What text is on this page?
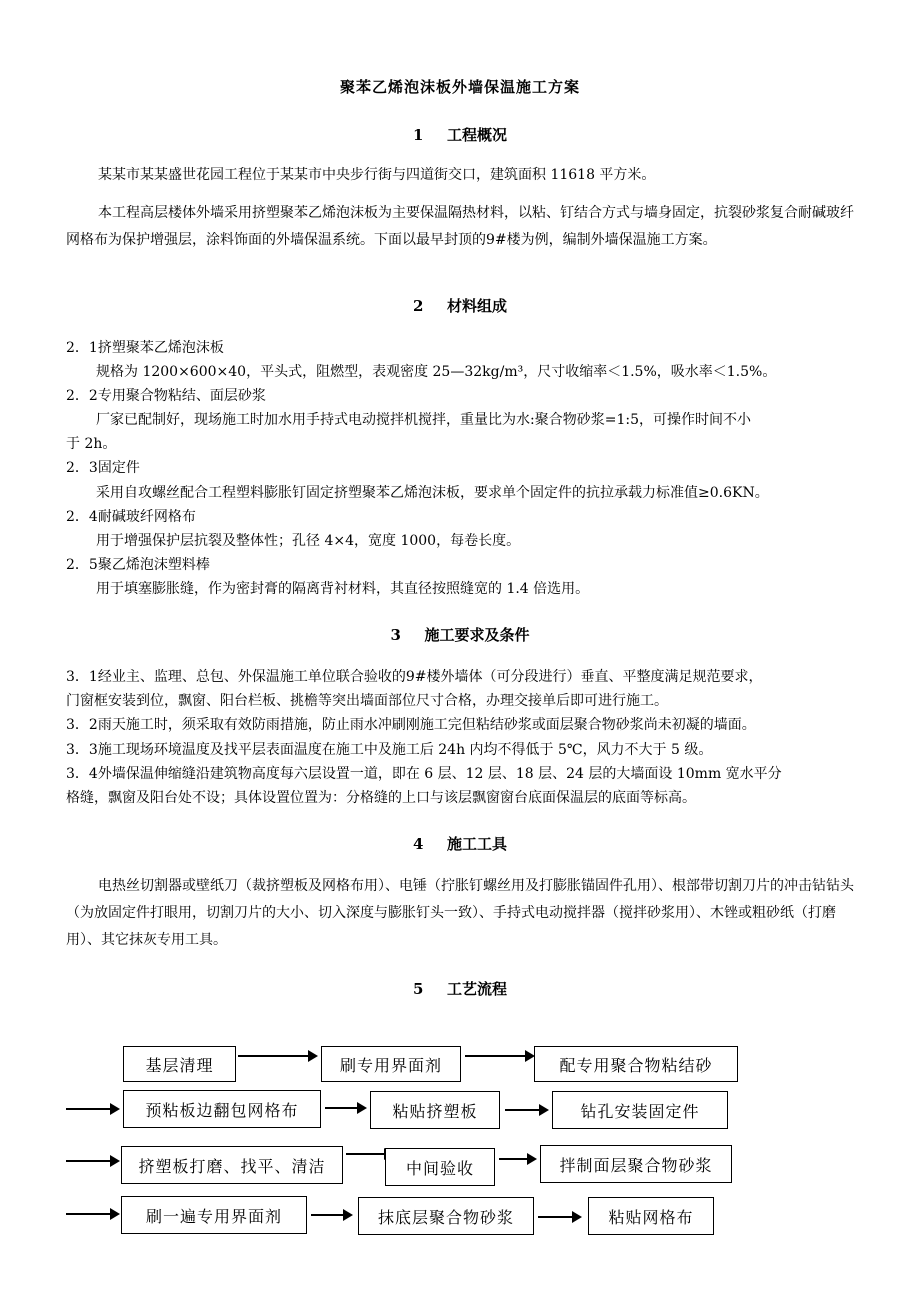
聚苯乙烯泡沫板外墙保温施工方案
1 工程概况
某某市某某盛世花园工程位于某某市中央步行街与四道街交口，建筑面积 11618 平方米。
本工程高层楼体外墙采用挤塑聚苯乙烯泡沫板为主要保温隔热材料，以粘、钉结合方式与墙身固定，抗裂砂浆复合耐碱玻纤网格布为保护增强层，涂料饰面的外墙保温系统。下面以最早封顶的9#楼为例，编制外墙保温施工方案。
2 材料组成
2．1挤塑聚苯乙烯泡沫板
规格为 1200×600×40，平头式，阻燃型，表观密度 25—32kg/m³，尺寸收缩率＜1.5%，吸水率＜1.5%。
2．2专用聚合物粘结、面层砂浆
厂家已配制好，现场施工时加水用手持式电动搅拌机搅拌，重量比为水:聚合物砂浆=1:5，可操作时间不小
于 2h。
2．3固定件
采用自攻螺丝配合工程塑料膨胀钉固定挤塑聚苯乙烯泡沫板，要求单个固定件的抗拉承载力标准值≥0.6KN。
2．4耐碱玻纤网格布
用于增强保护层抗裂及整体性；孔径 4×4，宽度 1000，每卷长度。
2．5聚乙烯泡沫塑料棒
用于填塞膨胀缝，作为密封膏的隔离背衬材料，其直径按照缝宽的 1.4 倍选用。
3 施工要求及条件
3．1经业主、监理、总包、外保温施工单位联合验收的9#楼外墙体（可分段进行）垂直、平整度满足规范要求，
门窗框安装到位，飘窗、阳台栏板、挑檐等突出墙面部位尺寸合格，办理交接单后即可进行施工。
3．2雨天施工时，须采取有效防雨措施，防止雨水冲刷刚施工完但粘结砂浆或面层聚合物砂浆尚未初凝的墙面。
3．3施工现场环境温度及找平层表面温度在施工中及施工后 24h 内均不得低于 5℃，风力不大于 5 级。
3．4外墙保温伸缩缝沿建筑物高度每六层设置一道，即在 6 层、12 层、18 层、24 层的大墙面设 10mm 宽水平分
格缝，飘窗及阳台处不设；具体设置位置为：分格缝的上口与该层飘窗窗台底面保温层的底面等标高。
4 施工工具
电热丝切割器或壁纸刀（裁挤塑板及网格布用）、电锤（拧胀钉螺丝用及打膨胀锚固件孔用）、根部带切割刀片的冲击钻钻头（为放固定件打眼用，切割刀片的大小、切入深度与膨胀钉头一致）、手持式电动搅拌器（搅拌砂浆用）、木锉或粗砂纸（打磨用）、其它抹灰专用工具。
5 工艺流程
基层清理	刷专用界面剂	配专用聚合物粘结砂
预粘板边翻包网格布	粘贴挤塑板	钻孔安装固定件
挤塑板打磨、找平、清洁	中间验收	拌制面层聚合物砂浆
刷一遍专用界面剂	抹底层聚合物砂浆	粘贴网格布
